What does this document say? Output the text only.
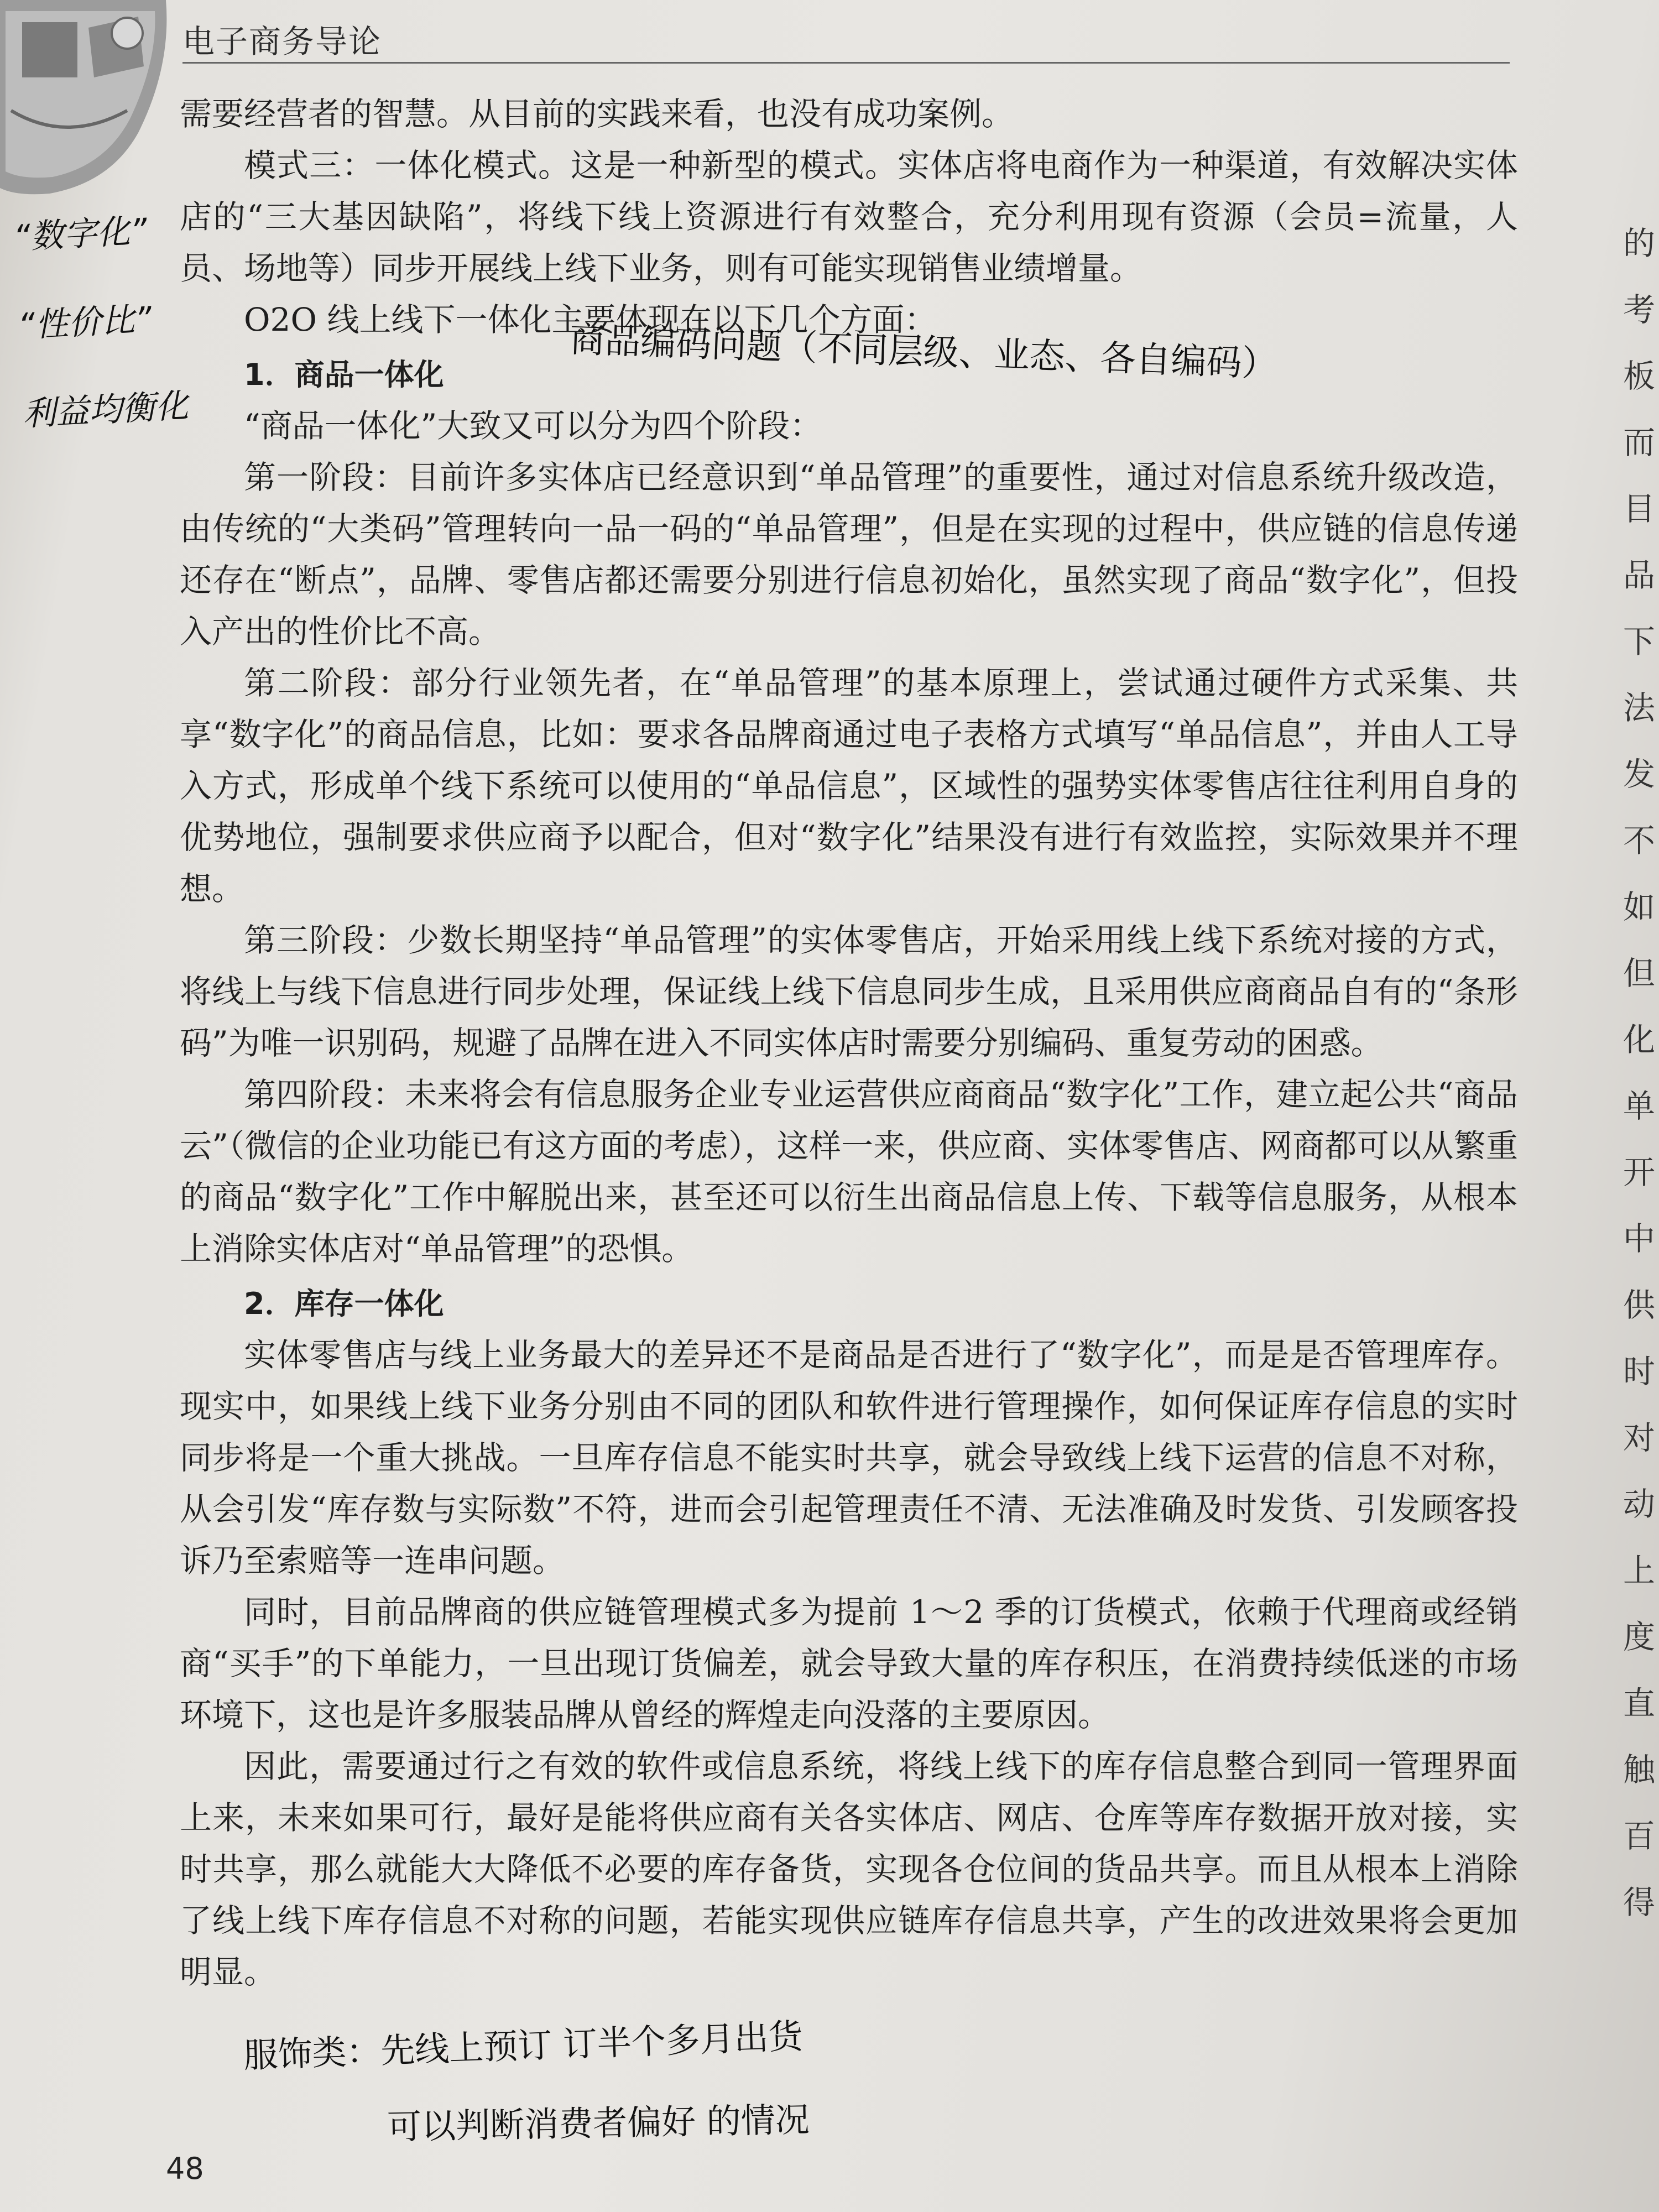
电子商务导论

需要经营者的智慧。从目前的实践来看，也没有成功案例。

模式三：一体化模式。这是一种新型的模式。实体店将电商作为一种渠道，有效解决实体店的“三大基因缺陷”，将线下线上资源进行有效整合，充分利用现有资源（会员=流量，人员、场地等）同步开展线上线下业务，则有可能实现销售业绩增量。

O2O 线上线下一体化主要体现在以下几个方面：

1．商品一体化

“商品一体化”大致又可以分为四个阶段：

第一阶段：目前许多实体店已经意识到“单品管理”的重要性，通过对信息系统升级改造，由传统的“大类码”管理转向一品一码的“单品管理”，但是在实现的过程中，供应链的信息传递还存在“断点”，品牌、零售店都还需要分别进行信息初始化，虽然实现了商品“数字化”，但投入产出的性价比不高。

第二阶段：部分行业领先者，在“单品管理”的基本原理上，尝试通过硬件方式采集、共享“数字化”的商品信息，比如：要求各品牌商通过电子表格方式填写“单品信息”，并由人工导入方式，形成单个线下系统可以使用的“单品信息”，区域性的强势实体零售店往往利用自身的优势地位，强制要求供应商予以配合，但对“数字化”结果没有进行有效监控，实际效果并不理想。

第三阶段：少数长期坚持“单品管理”的实体零售店，开始采用线上线下系统对接的方式，将线上与线下信息进行同步处理，保证线上线下信息同步生成，且采用供应商商品自有的“条形码”为唯一识别码，规避了品牌在进入不同实体店时需要分别编码、重复劳动的困惑。

第四阶段：未来将会有信息服务企业专业运营供应商商品“数字化”工作，建立起公共“商品云”（微信的企业功能已有这方面的考虑），这样一来，供应商、实体零售店、网商都可以从繁重的商品“数字化”工作中解脱出来，甚至还可以衍生出商品信息上传、下载等信息服务，从根本上消除实体店对“单品管理”的恐惧。

2．库存一体化

实体零售店与线上业务最大的差异还不是商品是否进行了“数字化”，而是是否管理库存。现实中，如果线上线下业务分别由不同的团队和软件进行管理操作，如何保证库存信息的实时同步将是一个重大挑战。一旦库存信息不能实时共享，就会导致线上线下运营的信息不对称，从会引发“库存数与实际数”不符，进而会引起管理责任不清、无法准确及时发货、引发顾客投诉乃至索赔等一连串问题。

同时，目前品牌商的供应链管理模式多为提前 1～2 季的订货模式，依赖于代理商或经销商“买手”的下单能力，一旦出现订货偏差，就会导致大量的库存积压，在消费持续低迷的市场环境下，这也是许多服装品牌从曾经的辉煌走向没落的主要原因。

因此，需要通过行之有效的软件或信息系统，将线上线下的库存信息整合到同一管理界面上来，未来如果可行，最好是能将供应商有关各实体店、网店、仓库等库存数据开放对接，实时共享，那么就能大大降低不必要的库存备货，实现各仓位间的货品共享。而且从根本上消除了线上线下库存信息不对称的问题，若能实现供应链库存信息共享，产生的改进效果将会更加明显。

“数字化”
“性价比”
利益均衡化
商品编码问题（不同层级、业态、各自编码）
服饰类：先线上预订 订半个多月出货
可以判断消费者偏好 的情况
48
的
考
板
而
目
品
下
法
发
不
如
但
化
单
开
中
供
时
对
动
上
度
直
触
百
得
